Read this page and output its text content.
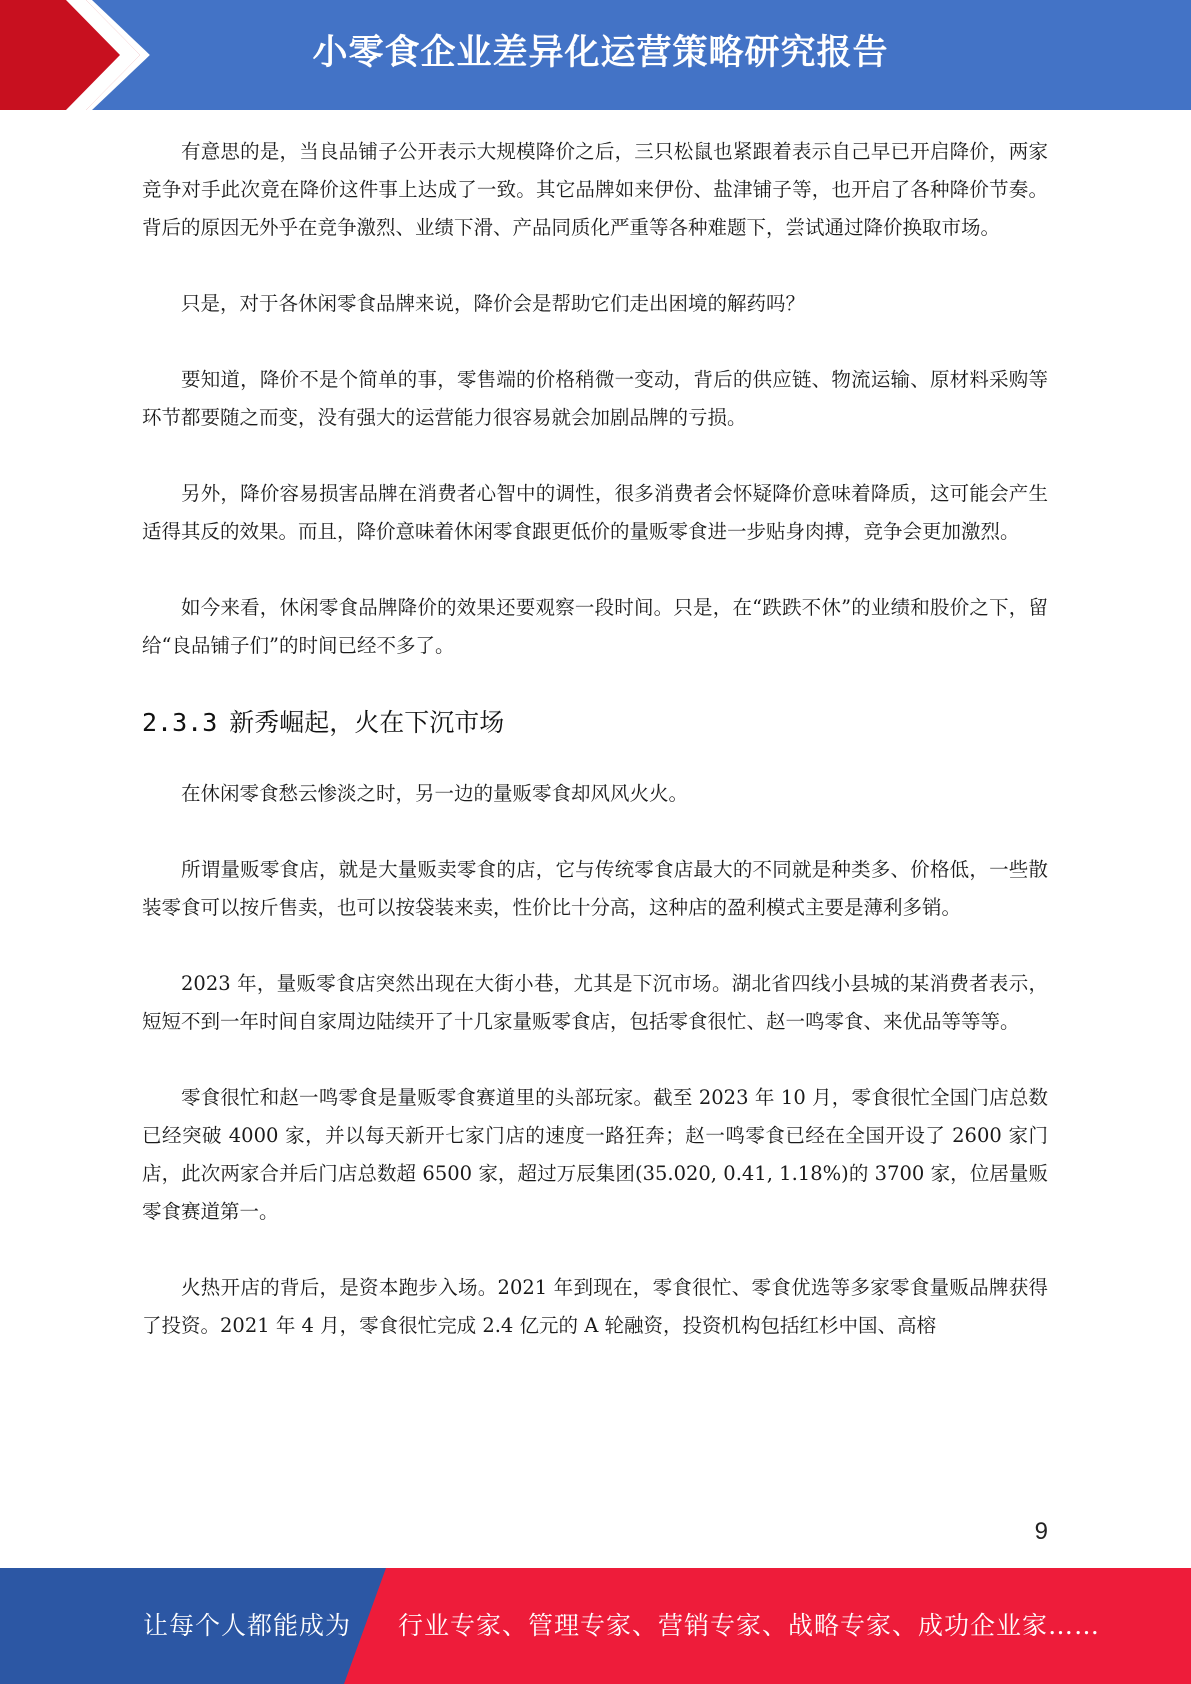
小零食企业差异化运营策略研究报告

有意思的是，当良品铺子公开表示大规模降价之后，三只松鼠也紧跟着表示自己早已开启降价，两家竞争对手此次竟在降价这件事上达成了一致。其它品牌如来伊份、盐津铺子等，也开启了各种降价节奏。背后的原因无外乎在竞争激烈、业绩下滑、产品同质化严重等各种难题下，尝试通过降价换取市场。

只是，对于各休闲零食品牌来说，降价会是帮助它们走出困境的解药吗？

要知道，降价不是个简单的事，零售端的价格稍微一变动，背后的供应链、物流运输、原材料采购等环节都要随之而变，没有强大的运营能力很容易就会加剧品牌的亏损。

另外，降价容易损害品牌在消费者心智中的调性，很多消费者会怀疑降价意味着降质，这可能会产生适得其反的效果。而且，降价意味着休闲零食跟更低价的量贩零食进一步贴身肉搏，竞争会更加激烈。

如今来看，休闲零食品牌降价的效果还要观察一段时间。只是，在“跌跌不休”的业绩和股价之下，留给“良品铺子们”的时间已经不多了。

2.3.3 新秀崛起，火在下沉市场

在休闲零食愁云惨淡之时，另一边的量贩零食却风风火火。

所谓量贩零食店，就是大量贩卖零食的店，它与传统零食店最大的不同就是种类多、价格低，一些散装零食可以按斤售卖，也可以按袋装来卖，性价比十分高，这种店的盈利模式主要是薄利多销。

2023 年，量贩零食店突然出现在大街小巷，尤其是下沉市场。湖北省四线小县城的某消费者表示，短短不到一年时间自家周边陆续开了十几家量贩零食店，包括零食很忙、赵一鸣零食、来优品等等等。

零食很忙和赵一鸣零食是量贩零食赛道里的头部玩家。截至 2023 年 10 月，零食很忙全国门店总数已经突破 4000 家，并以每天新开七家门店的速度一路狂奔；赵一鸣零食已经在全国开设了 2600 家门店，此次两家合并后门店总数超 6500 家，超过万辰集团(35.020, 0.41, 1.18%)的 3700 家，位居量贩零食赛道第一。

火热开店的背后，是资本跑步入场。2021 年到现在，零食很忙、零食优选等多家零食量贩品牌获得了投资。2021 年 4 月，零食很忙完成 2.4 亿元的 A 轮融资，投资机构包括红杉中国、高榕

9
让每个人都能成为 行业专家、管理专家、营销专家、战略专家、成功企业家……
